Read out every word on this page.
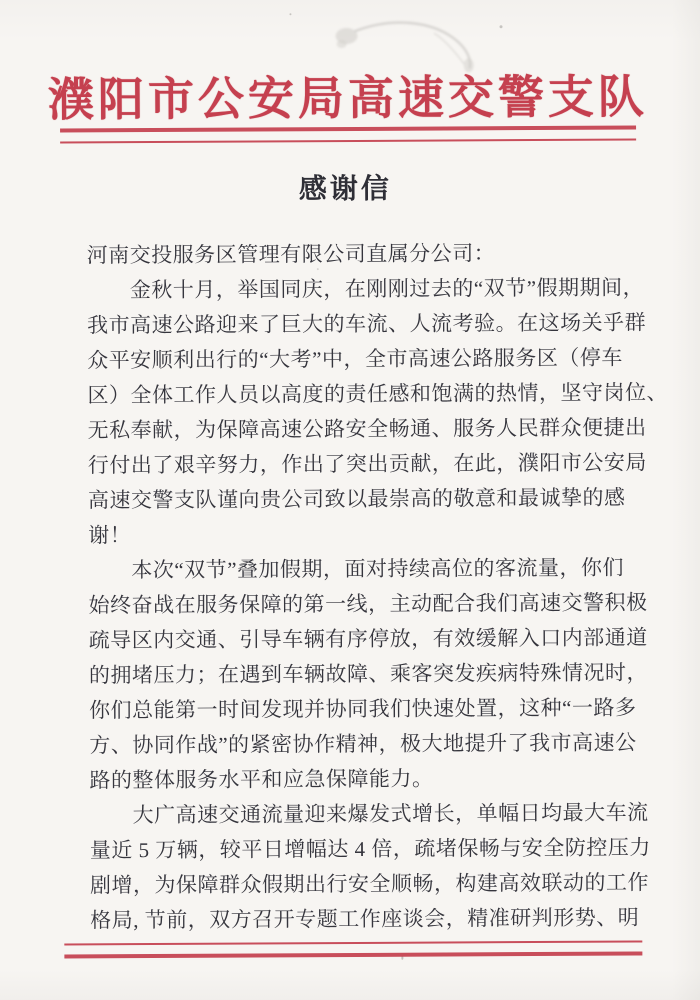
濮阳市公安局高速交警支队
感谢信
河南交投服务区管理有限公司直属分公司：
　　金秋十月，举国同庆，在刚刚过去的“双节”假期期间，
我市高速公路迎来了巨大的车流、人流考验。在这场关乎群
众平安顺利出行的“大考”中，全市高速公路服务区（停车
区）全体工作人员以高度的责任感和饱满的热情，坚守岗位、
无私奉献，为保障高速公路安全畅通、服务人民群众便捷出
行付出了艰辛努力，作出了突出贡献，在此，濮阳市公安局
高速交警支队谨向贵公司致以最崇高的敬意和最诚挚的感
谢！
　　本次“双节”叠加假期，面对持续高位的客流量，你们
始终奋战在服务保障的第一线，主动配合我们高速交警积极
疏导区内交通、引导车辆有序停放，有效缓解入口内部通道
的拥堵压力；在遇到车辆故障、乘客突发疾病特殊情况时，
你们总能第一时间发现并协同我们快速处置，这种“一路多
方、协同作战”的紧密协作精神，极大地提升了我市高速公
路的整体服务水平和应急保障能力。
　　大广高速交通流量迎来爆发式增长，单幅日均最大车流
量近 5 万辆，较平日增幅达 4 倍，疏堵保畅与安全防控压力
剧增，为保障群众假期出行安全顺畅，构建高效联动的工作
格局, 节前，双方召开专题工作座谈会，精准研判形势、明
